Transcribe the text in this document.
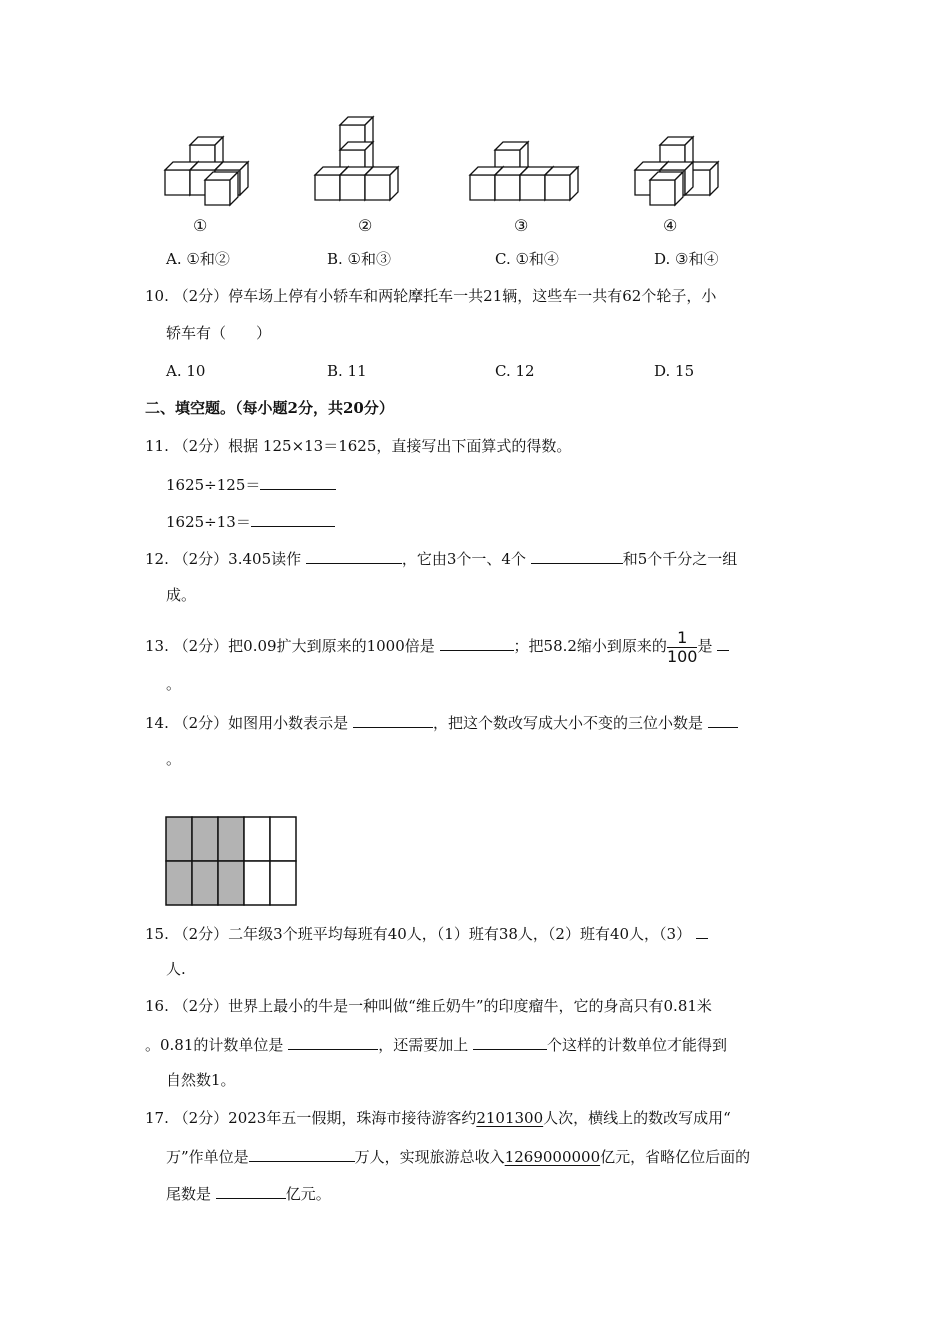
①	②	③	④
A. ①和②	B. ①和③	C. ①和④	D. ③和④
10. （2分）停车场上停有小轿车和两轮摩托车一共21辆，这些车一共有62个轮子，小
轿车有（　　）
A. 10	B. 11	C. 12	D. 15
二、填空题。（每小题2分，共20分）
11. （2分）根据 125×13＝1625，直接写出下面算式的得数。
1625÷125＝
1625÷13＝
12. （2分）3.405读作	，它由3个一、4个	和5个千分之一组
成。
13. （2分）把0.09扩大到原来的1000倍是	；把58.2缩小到原来的 $\frac{1}{100}$ 是
。
14. （2分）如图用小数表示是	，把这个数改写成大小不变的三位小数是
。
15. （2分）二年级3个班平均每班有40人，（1）班有38人，（2）班有40人，（3）
人.
16. （2分）世界上最小的牛是一种叫做“维丘奶牛”的印度瘤牛，它的身高只有0.81米
。0.81的计数单位是	，还需要加上	个这样的计数单位才能得到
自然数1。
17. （2分）2023年五一假期，珠海市接待游客约2101300人次，横线上的数改写成用“
万”作单位是	万人，实现旅游总收入1269000000亿元，省略亿位后面的
尾数是	亿元。
